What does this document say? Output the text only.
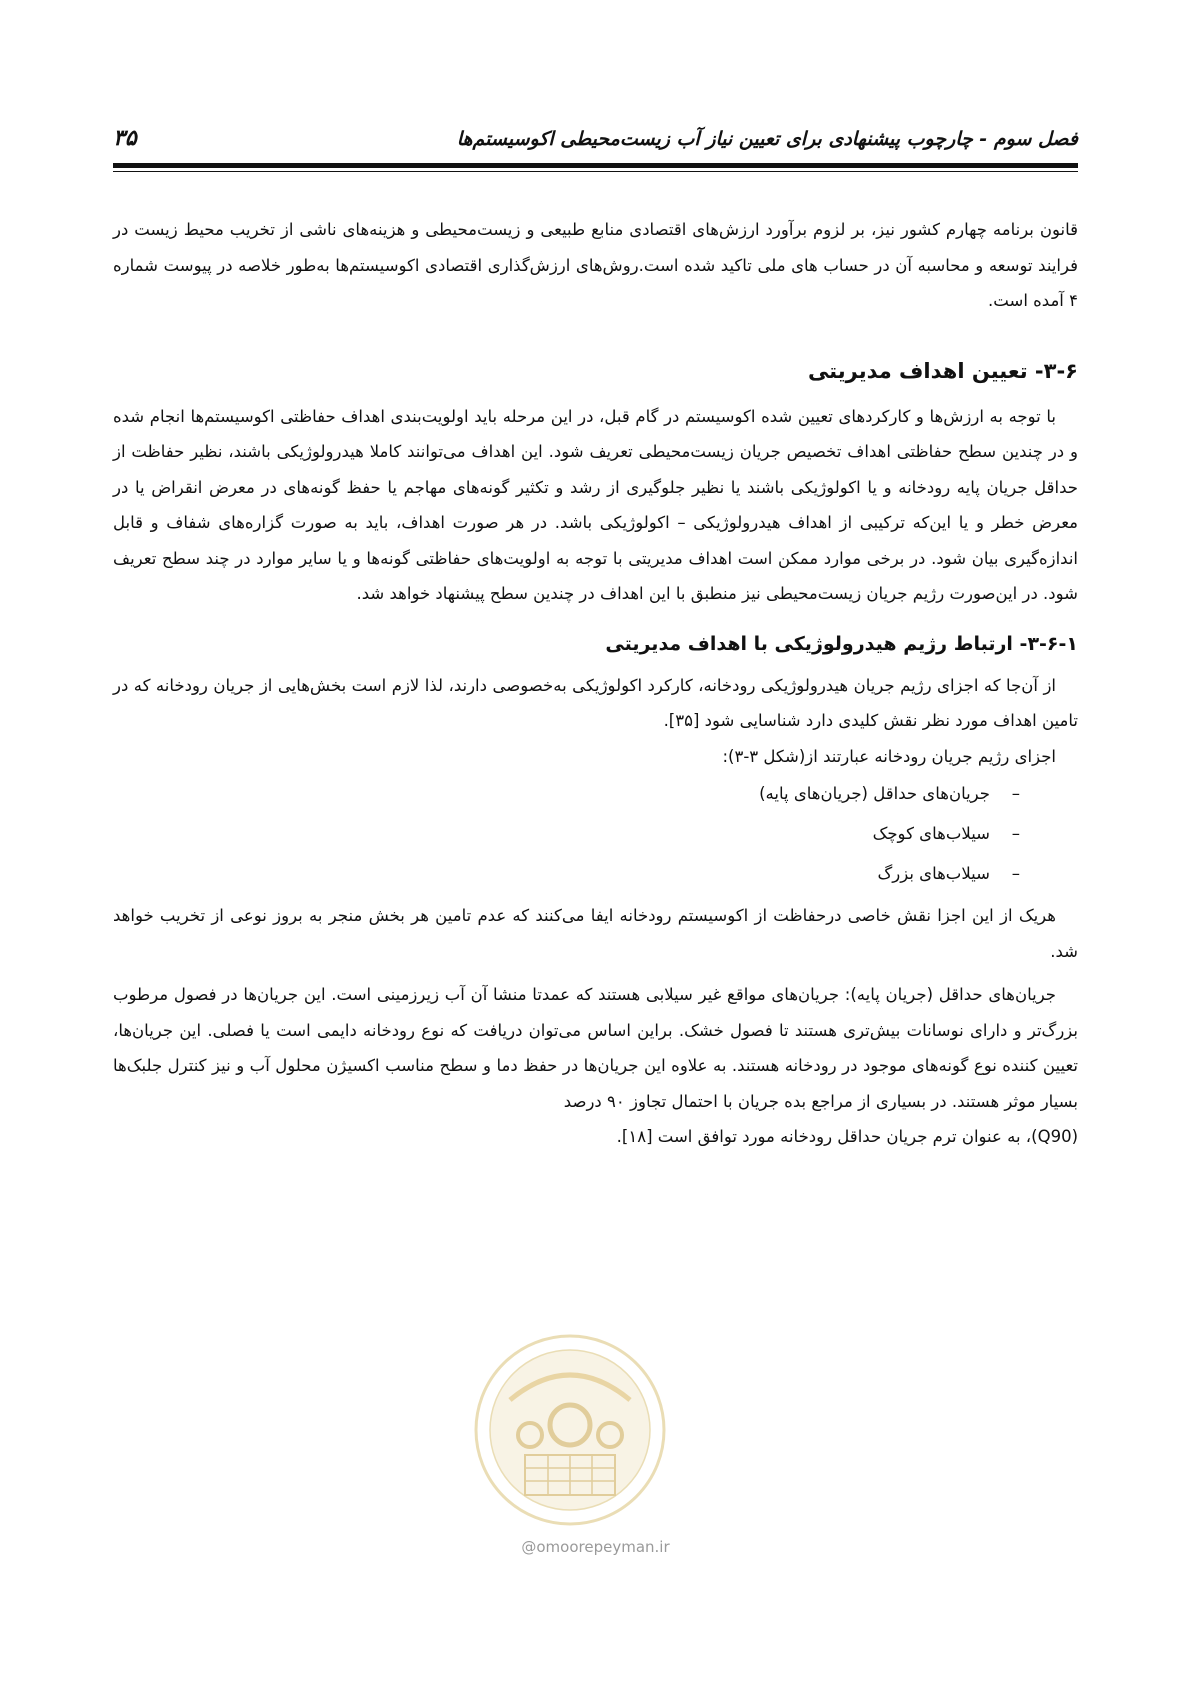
فصل سوم - چارچوب پیشنهادی برای تعیین نیاز آب زیست‌محیطی اکوسیستم‌ها
۳۵

قانون برنامه چهارم کشور نیز، بر لزوم برآورد ارزش‌های اقتصادی منابع طبیعی و زیست‌محیطی و هزینه‌های ناشی از تخریب محیط زیست در فرایند توسعه و محاسبه آن در حساب های ملی تاکید شده است.روش‌های ارزش‌گذاری اقتصادی اکوسیستم‌ها به‌طور خلاصه در پیوست شماره ۴ آمده است.

۳-۶- تعیین اهداف مدیریتی

با توجه به ارزش‌ها و کارکردهای تعیین شده اکوسیستم در گام قبل، در این مرحله باید اولویت‌بندی اهداف حفاظتی اکوسیستم‌ها انجام شده و در چندین سطح حفاظتی اهداف تخصیص جریان زیست‌محیطی تعریف شود. این اهداف می‌توانند کاملا هیدرولوژیکی باشند، نظیر حفاظت از حداقل جریان پایه رودخانه و یا اکولوژیکی باشند یا نظیر جلوگیری از رشد و تکثیر گونه‌های مهاجم یا حفظ گونه‌های در معرض انقراض یا در معرض خطر و یا این‌که ترکیبی از اهداف هیدرولوژیکی – اکولوژیکی باشد. در هر صورت اهداف، باید به صورت گزاره‌های شفاف و قابل اندازه‌گیری بیان شود. در برخی موارد ممکن است اهداف مدیریتی با توجه به اولویت‌های حفاظتی گونه‌ها و یا سایر موارد در چند سطح تعریف شود. در این‌صورت رژیم جریان زیست‌محیطی نیز منطبق با این اهداف در چندین سطح پیشنهاد خواهد شد.

۳-۶-۱- ارتباط رژیم هیدرولوژیکی با اهداف مدیریتی

از آن‌جا که اجزای رژیم جریان هیدرولوژیکی رودخانه، کارکرد اکولوژیکی به‌خصوصی دارند، لذا لازم است بخش‌هایی از جریان رودخانه که در تامین اهداف مورد نظر نقش کلیدی دارد شناسایی شود [۳۵].

اجزای رژیم جریان رودخانه عبارتند از(شکل ۳-۳):

–جریان‌های حداقل (جریان‌های پایه)
–سیلاب‌های کوچک
–سیلاب‌های بزرگ

هریک از این اجزا نقش خاصی درحفاظت از اکوسیستم رودخانه ایفا می‌کنند که عدم تامین هر بخش منجر به بروز نوعی از تخریب خواهد شد.

جریان‌های حداقل (جریان پایه): جریان‌های مواقع غیر سیلابی هستند که عمدتا منشا آن آب زیرزمینی است. این جریان‌ها در فصول مرطوب بزرگ‌تر و دارای نوسانات بیش‌تری هستند تا فصول خشک. براین اساس می‌توان دریافت که نوع رودخانه دایمی است یا فصلی. این جریان‌ها، تعیین کننده نوع گونه‌های موجود در رودخانه هستند. به علاوه این جریان‌ها در حفظ دما و سطح مناسب اکسیژن محلول آب و نیز کنترل جلبک‌ها بسیار موثر هستند. در بسیاری از مراجع بده جریان با احتمال تجاوز ۹۰ درصد

(Q90)، به عنوان ترم جریان حداقل رودخانه مورد توافق است [۱۸].

@omoorepeyman.ir
